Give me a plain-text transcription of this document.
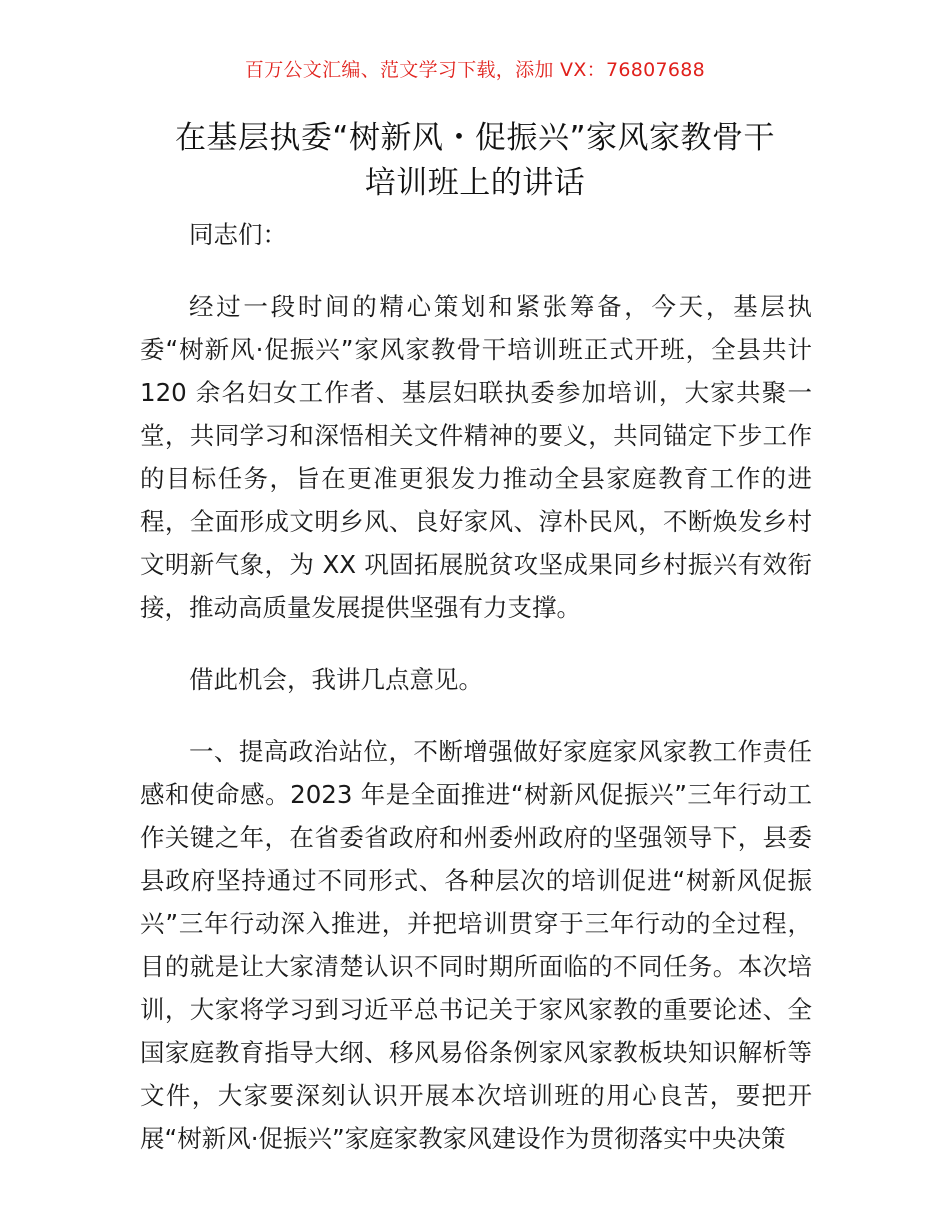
百万公文汇编、范文学习下载，添加 VX：76807688
在基层执委“树新风・促振兴”家风家教骨干
培训班上的讲话

同志们：

经过一段时间的精心策划和紧张筹备，今天，基层执委“树新风·促振兴”家风家教骨干培训班正式开班，全县共计 120 余名妇女工作者、基层妇联执委参加培训，大家共聚一堂，共同学习和深悟相关文件精神的要义，共同锚定下步工作的目标任务，旨在更准更狠发力推动全县家庭教育工作的进程，全面形成文明乡风、良好家风、淳朴民风，不断焕发乡村文明新气象，为 XX 巩固拓展脱贫攻坚成果同乡村振兴有效衔接，推动高质量发展提供坚强有力支撑。

借此机会，我讲几点意见。

一、提高政治站位，不断增强做好家庭家风家教工作责任感和使命感。2023 年是全面推进“树新风促振兴”三年行动工作关键之年，在省委省政府和州委州政府的坚强领导下，县委县政府坚持通过不同形式、各种层次的培训促进“树新风促振兴”三年行动深入推进，并把培训贯穿于三年行动的全过程，目的就是让大家清楚认识不同时期所面临的不同任务。本次培训，大家将学习到习近平总书记关于家风家教的重要论述、全国家庭教育指导大纲、移风易俗条例家风家教板块知识解析等文件，大家要深刻认识开展本次培训班的用心良苦，要把开展“树新风·促振兴”家庭家教家风建设作为贯彻落实中央决策
